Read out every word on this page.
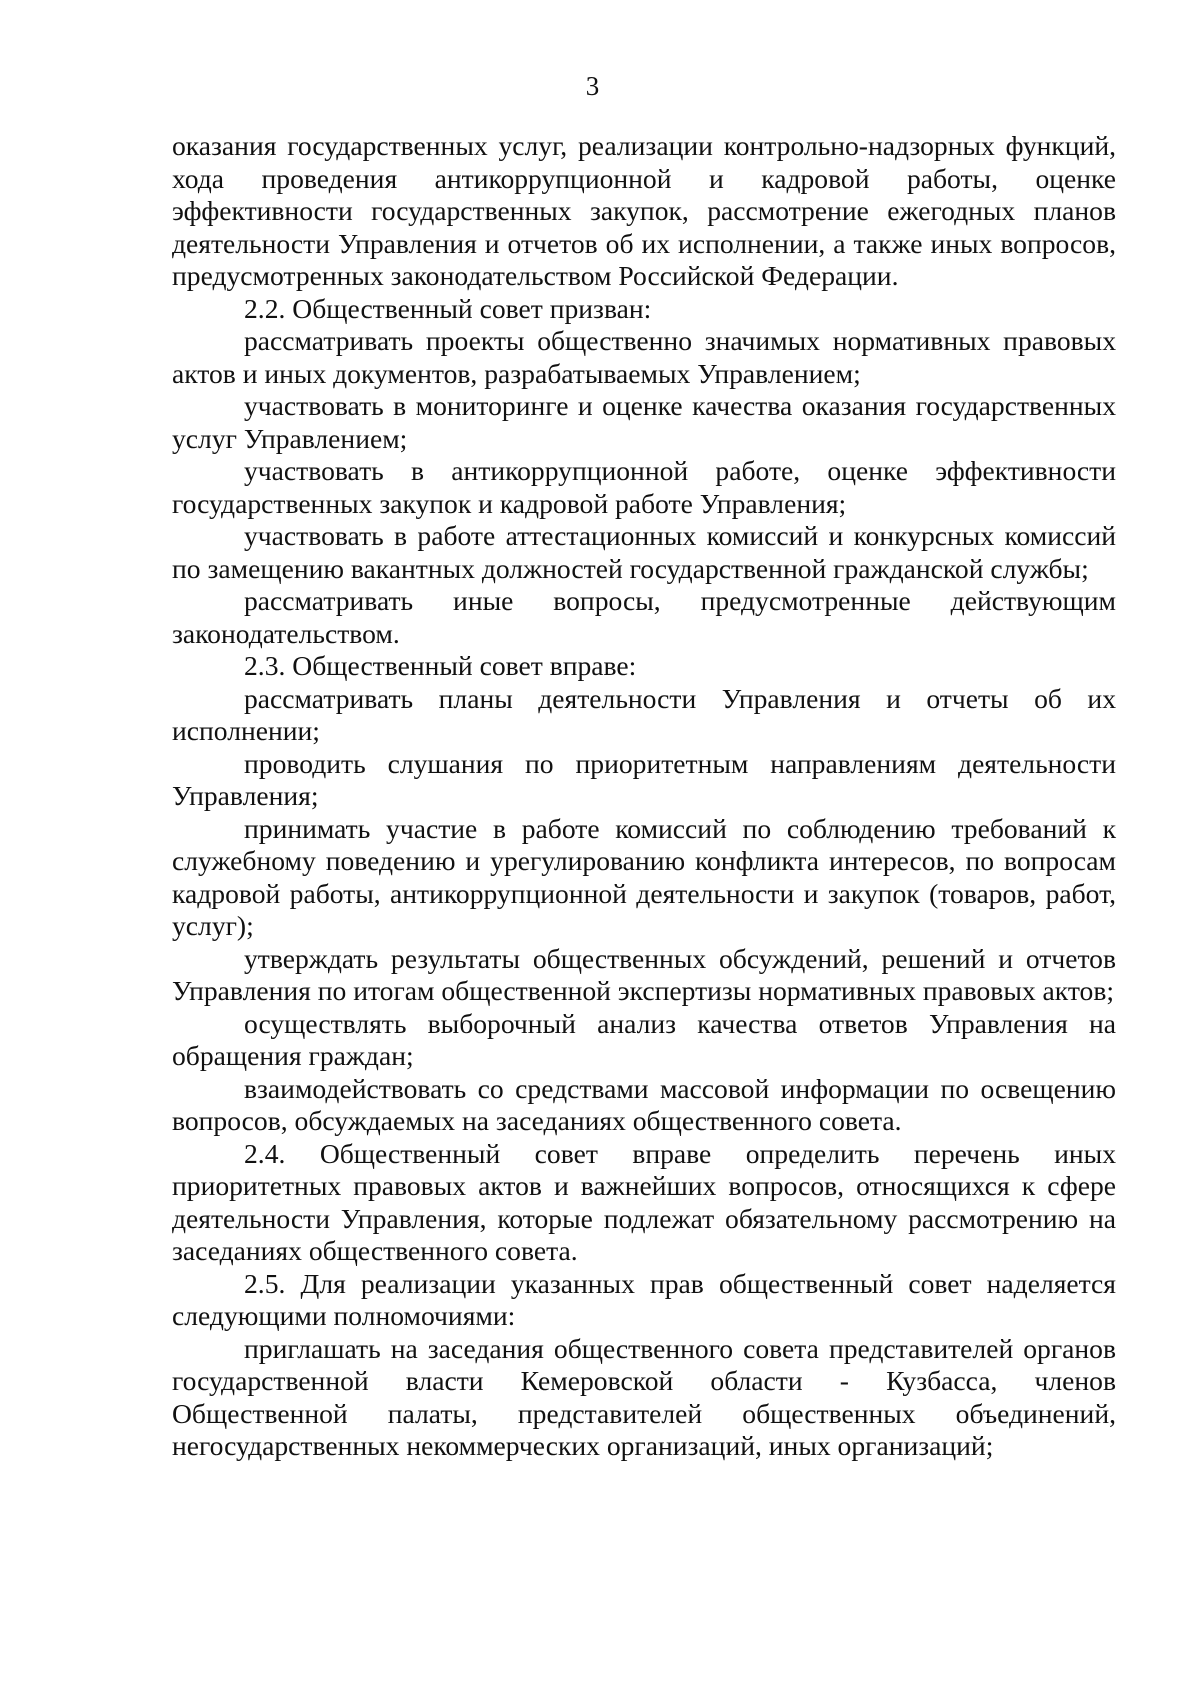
3

оказания государственных услуг, реализации контрольно-надзорных функций, хода проведения антикоррупционной и кадровой работы, оценке эффективности государственных закупок, рассмотрение ежегодных планов деятельности Управления и отчетов об их исполнении, а также иных вопросов, предусмотренных законодательством Российской Федерации.

2.2. Общественный совет призван:

рассматривать проекты общественно значимых нормативных правовых актов и иных документов, разрабатываемых Управлением;

участвовать в мониторинге и оценке качества оказания государственных услуг Управлением;

участвовать в антикоррупционной работе, оценке эффективности государственных закупок и кадровой работе Управления;

участвовать в работе аттестационных комиссий и конкурсных комиссий по замещению вакантных должностей государственной гражданской службы;

рассматривать иные вопросы, предусмотренные действующим законодательством.

2.3. Общественный совет вправе:

рассматривать планы деятельности Управления и отчеты об их исполнении;

проводить слушания по приоритетным направлениям деятельности Управления;

принимать участие в работе комиссий по соблюдению требований к служебному поведению и урегулированию конфликта интересов, по вопросам кадровой работы, антикоррупционной деятельности и закупок (товаров, работ, услуг);

утверждать результаты общественных обсуждений, решений и отчетов Управления по итогам общественной экспертизы нормативных правовых актов;

осуществлять выборочный анализ качества ответов Управления на обращения граждан;

взаимодействовать со средствами массовой информации по освещению вопросов, обсуждаемых на заседаниях общественного совета.

2.4. Общественный совет вправе определить перечень иных приоритетных правовых актов и важнейших вопросов, относящихся к сфере деятельности Управления, которые подлежат обязательному рассмотрению на заседаниях общественного совета.

2.5. Для реализации указанных прав общественный совет наделяется следующими полномочиями:

приглашать на заседания общественного совета представителей органов государственной власти Кемеровской области - Кузбасса, членов Общественной палаты, представителей общественных объединений, негосударственных некоммерческих организаций, иных организаций;
